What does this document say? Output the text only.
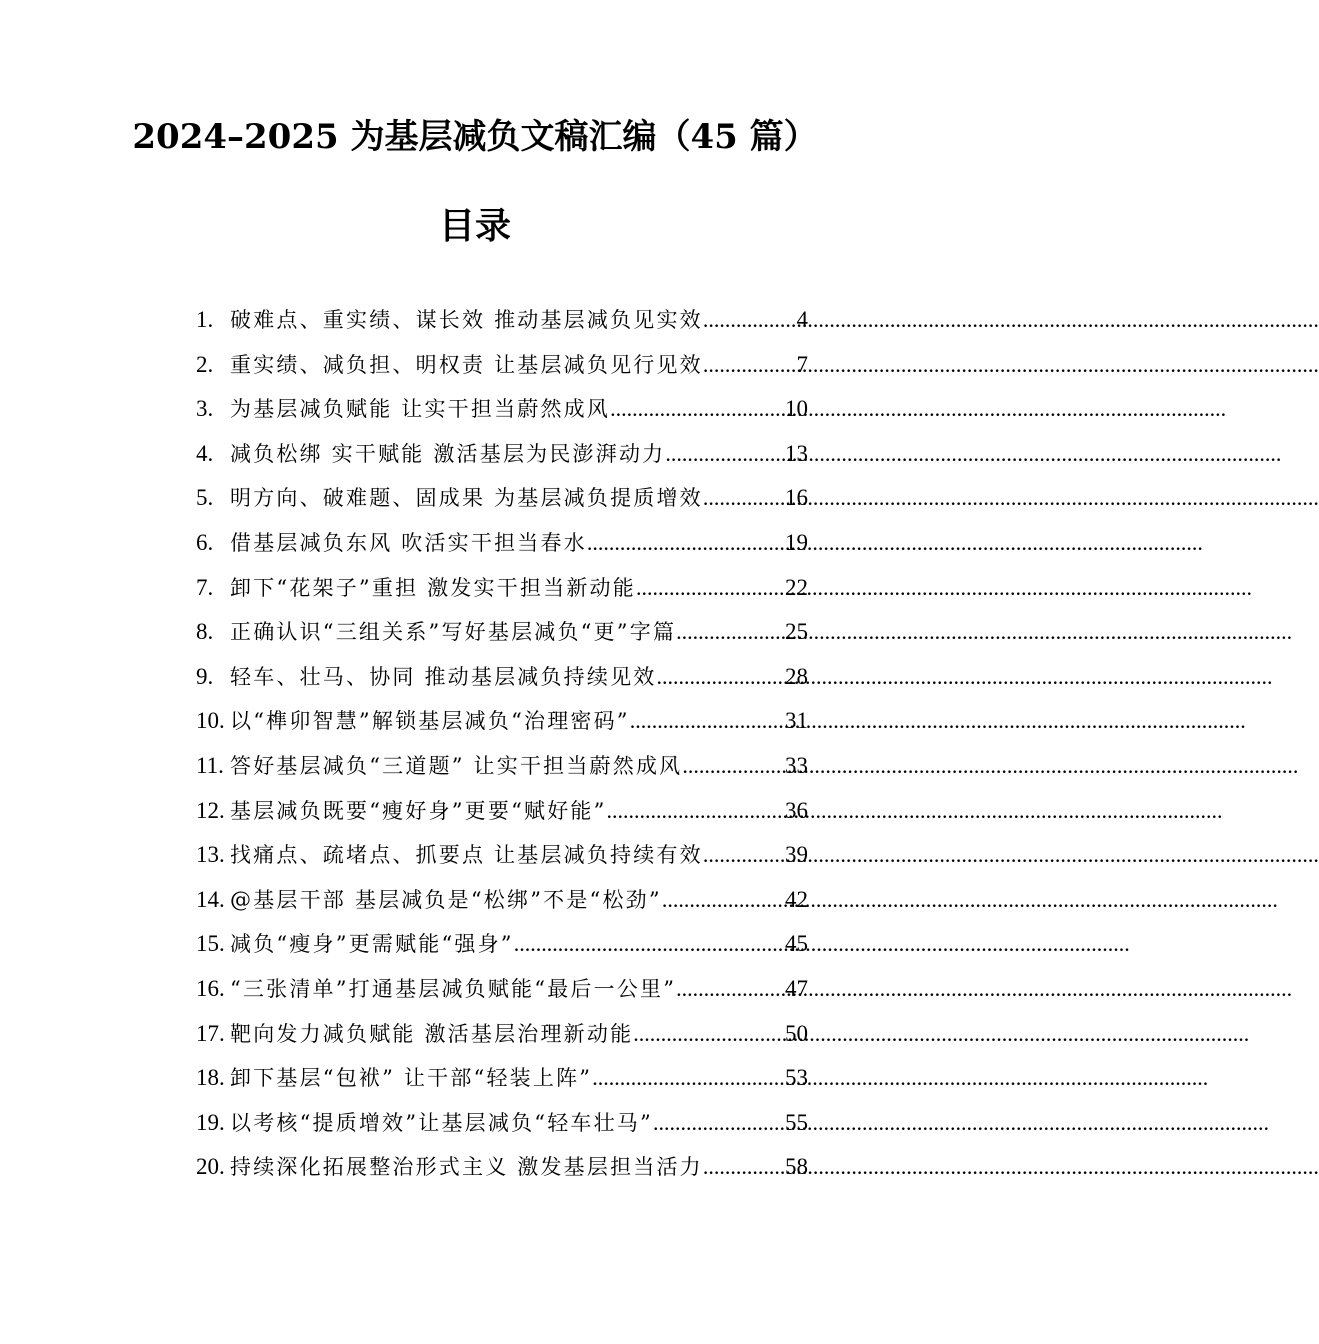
2024–2025 为基层减负文稿汇编（45 篇）
目录
1. 破难点、重实绩、谋长效 推动基层减负见实效 .....	4
2. 重实绩、减负担、明权责 让基层减负见行见效 .....	7
3. 为基层减负赋能 让实干担当蔚然成风 .....	10
4. 减负松绑 实干赋能 激活基层为民澎湃动力 .....	13
5. 明方向、破难题、固成果 为基层减负提质增效 .....	16
6. 借基层减负东风 吹活实干担当春水 .....	19
7. 卸下“花架子”重担 激发实干担当新动能 .....	22
8. 正确认识“三组关系”写好基层减负“更”字篇 .....	25
9. 轻车、壮马、协同 推动基层减负持续见效 .....	28
10. 以“榫卯智慧”解锁基层减负“治理密码” .....	31
11. 答好基层减负“三道题” 让实干担当蔚然成风 .....	33
12. 基层减负既要“瘦好身”更要“赋好能” .....	36
13. 找痛点、疏堵点、抓要点 让基层减负持续有效 .....	39
14. @基层干部 基层减负是“松绑”不是“松劲” .....	42
15. 减负“瘦身”更需赋能“强身” .....	45
16. “三张清单”打通基层减负赋能“最后一公里” .....	47
17. 靶向发力减负赋能 激活基层治理新动能 .....	50
18. 卸下基层“包袱” 让干部“轻装上阵” .....	53
19. 以考核“提质增效”让基层减负“轻车壮马” .....	55
20. 持续深化拓展整治形式主义 激发基层担当活力 .....	58
